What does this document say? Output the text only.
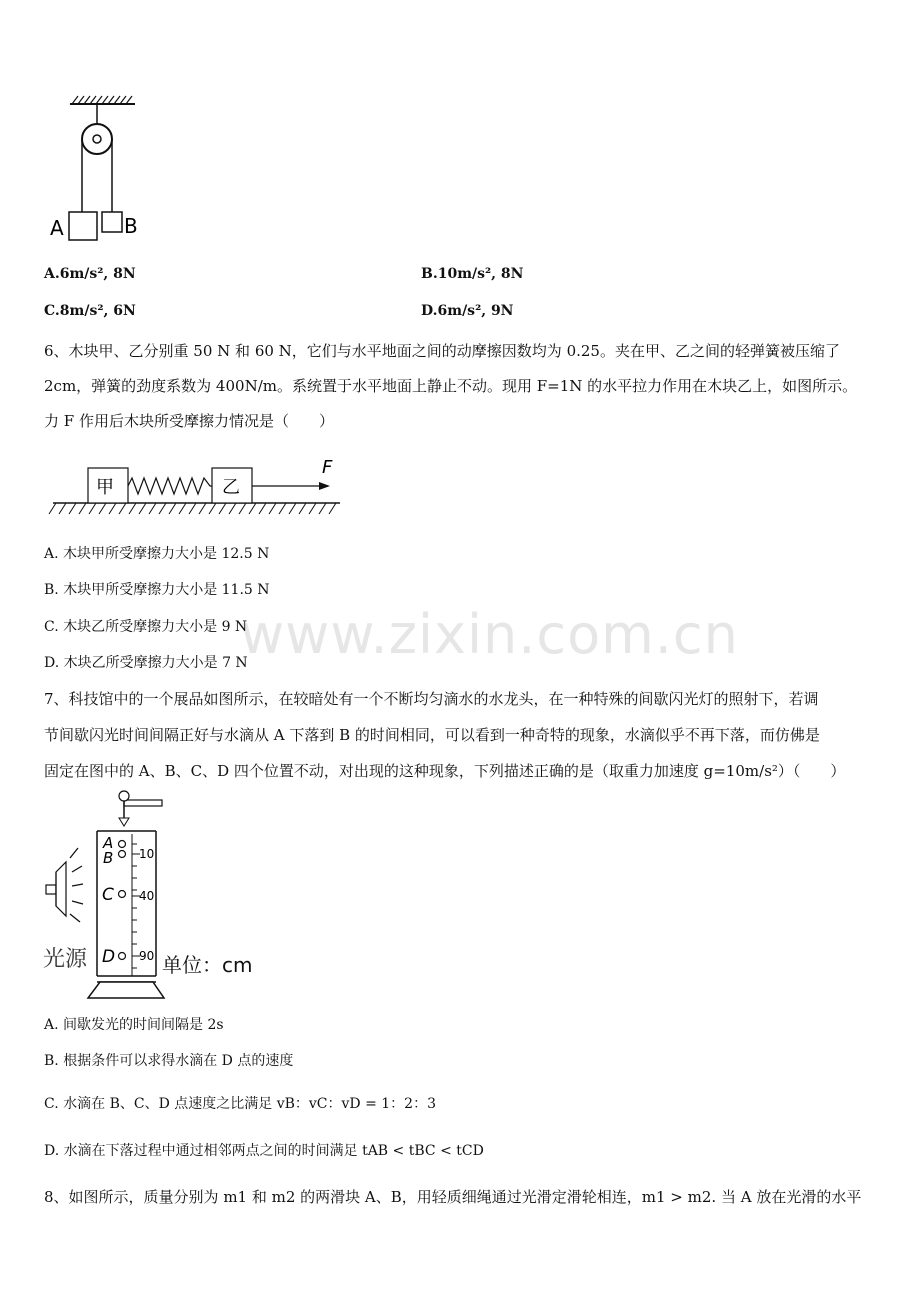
www.zixin.com.cn
A	B
A.6m/s², 8N	B.10m/s², 8N
C.8m/s², 6N	D.6m/s², 9N
6、木块甲、乙分别重 50 N 和 60 N，它们与水平地面之间的动摩擦因数均为 0.25。夹在甲、乙之间的轻弹簧被压缩了
2cm，弹簧的劲度系数为 400N/m。系统置于水平地面上静止不动。现用 F=1N 的水平拉力作用在木块乙上，如图所示。
力 F 作用后木块所受摩擦力情况是（　　）
甲	乙
F
A. 木块甲所受摩擦力大小是 12.5 N
B. 木块甲所受摩擦力大小是 11.5 N
C. 木块乙所受摩擦力大小是 9 N
D. 木块乙所受摩擦力大小是 7 N
7、科技馆中的一个展品如图所示，在较暗处有一个不断均匀滴水的水龙头，在一种特殊的间歇闪光灯的照射下，若调
节间歇闪光时间间隔正好与水滴从 A 下落到 B 的时间相同，可以看到一种奇特的现象，水滴似乎不再下落，而仿佛是
固定在图中的 A、B、C、D 四个位置不动，对出现的这种现象，下列描述正确的是（取重力加速度 g=10m/s²）（　　）
10
40
90
A
B
C
D
光源	单位：cm
A. 间歇发光的时间间隔是 2s
B. 根据条件可以求得水滴在 D 点的速度
C. 水滴在 B、C、D 点速度之比满足 vB：vC：vD = 1：2：3
D. 水滴在下落过程中通过相邻两点之间的时间满足 tAB < tBC < tCD
8、如图所示，质量分别为 m1 和 m2 的两滑块 A、B，用轻质细绳通过光滑定滑轮相连，m1 > m2. 当 A 放在光滑的水平
